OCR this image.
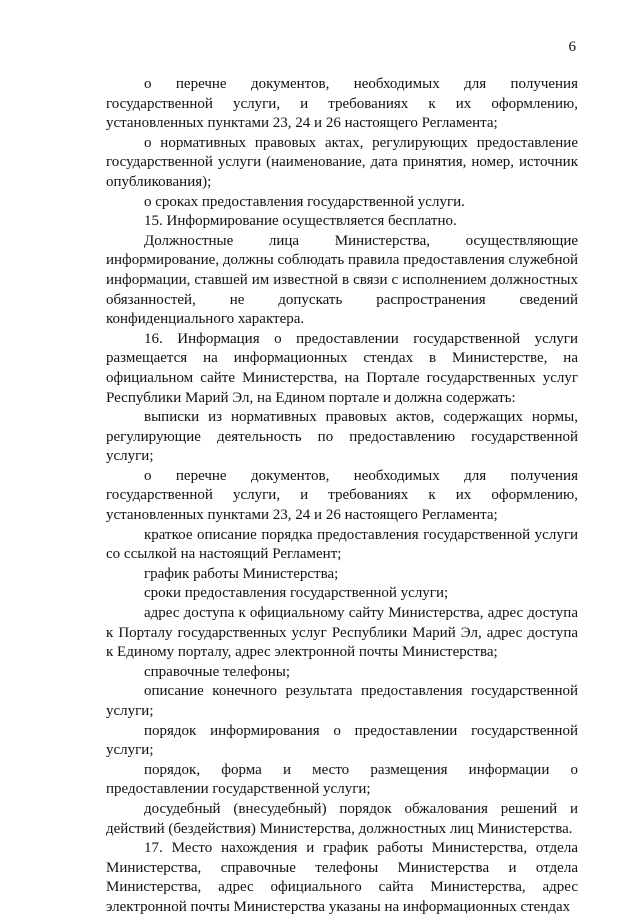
6

о перечне документов, необходимых для получения государственной услуги, и требованиях к их оформлению, установленных пунктами 23, 24 и 26 настоящего Регламента;

о нормативных правовых актах, регулирующих предоставление государственной услуги (наименование, дата принятия, номер, источник опубликования);

о сроках предоставления государственной услуги.

15. Информирование осуществляется бесплатно.

Должностные лица Министерства, осуществляющие информирование, должны соблюдать правила предоставления служебной информации, ставшей им известной в связи с исполнением должностных обязанностей, не допускать распространения сведений конфиденциального характера.

16. Информация о предоставлении государственной услуги размещается на информационных стендах в Министерстве, на официальном сайте Министерства, на Портале государственных услуг Республики Марий Эл, на Едином портале и должна содержать:

выписки из нормативных правовых актов, содержащих нормы, регулирующие деятельность по предоставлению государственной услуги;

о перечне документов, необходимых для получения государственной услуги, и требованиях к их оформлению, установленных пунктами 23, 24 и 26 настоящего Регламента;

краткое описание порядка предоставления государственной услуги со ссылкой на настоящий Регламент;

график работы Министерства;

сроки предоставления государственной услуги;

адрес доступа к официальному сайту Министерства, адрес доступа к Порталу государственных услуг Республики Марий Эл, адрес доступа к Единому порталу, адрес электронной почты Министерства;

справочные телефоны;

описание конечного результата предоставления государственной услуги;

порядок информирования о предоставлении государственной услуги;

порядок, форма и место размещения информации о предоставлении государственной услуги;

досудебный (внесудебный) порядок обжалования решений и действий (бездействия) Министерства, должностных лиц Министерства.

17. Место нахождения и график работы Министерства, отдела Министерства, справочные телефоны Министерства и отдела Министерства, адрес официального сайта Министерства, адрес электронной почты Министерства указаны на информационных стендах
